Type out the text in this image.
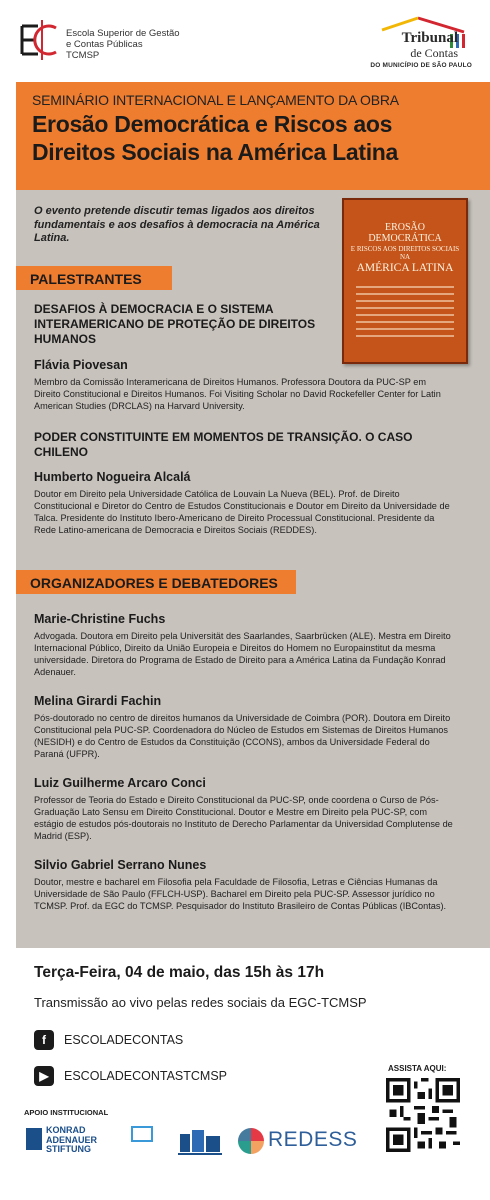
Escola Superior de Gestão
e Contas Públicas
TCMSP
Tribunal
de Contas
DO MUNICÍPIO DE SÃO PAULO
SEMINÁRIO INTERNACIONAL E LANÇAMENTO DA OBRA
Erosão Democrática e Riscos aos
Direitos Sociais na América Latina
O evento pretende discutir temas ligados aos direitos fundamentais e aos desafios à democracia na América Latina.
EROSÃO DEMOCRÁTICA
E RISCOS AOS DIREITOS SOCIAIS NA
AMÉRICA LATINA
PALESTRANTES
DESAFIOS À DEMOCRACIA E O SISTEMA INTERAMERICANO DE PROTEÇÃO DE DIREITOS HUMANOS
Flávia Piovesan
Membro da Comissão Interamericana de Direitos Humanos. Professora Doutora da PUC-SP em Direito Constitucional e Direitos Humanos. Foi Visiting Scholar no David Rockefeller Center for Latin American Studies (DRCLAS) na Harvard University.
PODER CONSTITUINTE EM MOMENTOS DE TRANSIÇÃO. O CASO CHILENO
Humberto Nogueira Alcalá
Doutor em Direito pela Universidade Católica de Louvain La Nueva (BEL). Prof. de Direito Constitucional e Diretor do Centro de Estudos Constitucionais e Doutor em Direito da Universidade de Talca. Presidente do Instituto Ibero-Americano de Direito Processual Constitucional. Presidente da Rede Latino-americana de Democracia e Direitos Sociais (REDDES).
ORGANIZADORES E DEBATEDORES
Marie-Christine Fuchs
Advogada. Doutora em Direito pela Universität des Saarlandes, Saarbrücken (ALE). Mestra em Direito Internacional Público, Direito da União Europeia e Direitos do Homem no Europainstitut da mesma universidade. Diretora do Programa de Estado de Direito para a América Latina da Fundação Konrad Adenauer.
Melina Girardi Fachin
Pós-doutorado no centro de direitos humanos da Universidade de Coimbra (POR). Doutora em Direito Constitucional pela PUC-SP. Coordenadora do Núcleo de Estudos em Sistemas de Direitos Humanos (NESIDH) e do Centro de Estudos da Constituição (CCONS), ambos da Universidade Federal do Paraná (UFPR).
Luiz Guilherme Arcaro Conci
Professor de Teoria do Estado e Direito Constitucional da PUC-SP, onde coordena o Curso de Pós-Graduação Lato Sensu em Direito Constitucional. Doutor e Mestre em Direito pela PUC-SP, com estágio de estudos pós-doutorais no Instituto de Derecho Parlamentar da Universidad Complutense de Madrid (ESP).
Silvio Gabriel Serrano Nunes
Doutor, mestre e bacharel em Filosofia pela Faculdade de Filosofia, Letras e Ciências Humanas da Universidade de São Paulo (FFLCH-USP). Bacharel em Direito pela PUC-SP. Assessor jurídico no TCMSP. Prof. da EGC do TCMSP. Pesquisador do Instituto Brasileiro de Contas Públicas (IBContas).
Terça-Feira, 04 de maio, das 15h às 17h
Transmissão ao vivo pelas redes sociais da EGC-TCMSP
f	ESCOLADECONTAS
▶	ESCOLADECONTASTCMSP
ASSISTA AQUI:
APOIO INSTITUCIONAL
KONRAD
ADENAUER
STIFTUNG	REDESS
